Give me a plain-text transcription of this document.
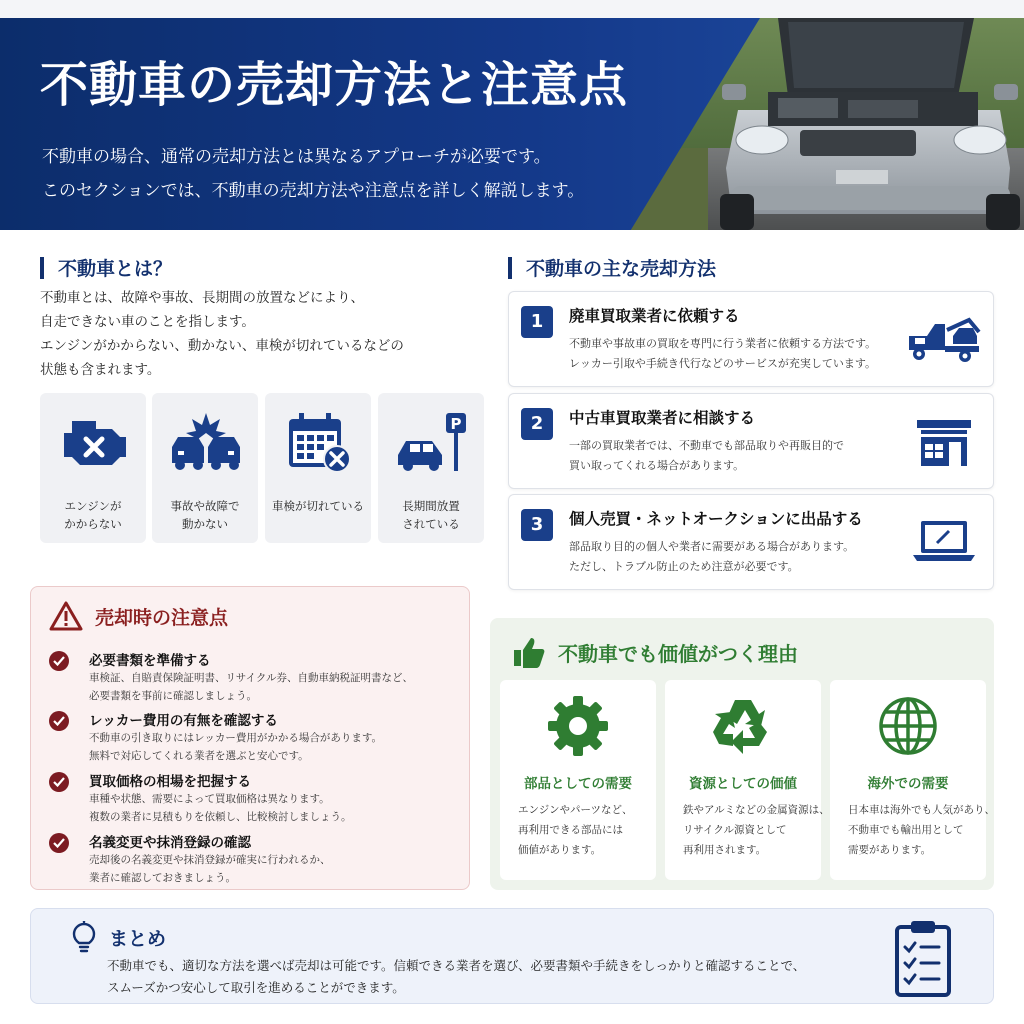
不動車の売却方法と注意点
不動車の場合、通常の売却方法とは異なるアプローチが必要です。
このセクションでは、不動車の売却方法や注意点を詳しく解説します。
不動車とは？
不動車とは、故障や事故、長期間の放置などにより、
自走できない車のことを指します。
エンジンがかからない、動かない、車検が切れているなどの
状態も含まれます。
エンジンが
かからない
事故や故障で
動かない
車検が切れている
P
長期間放置
されている
不動車の主な売却方法
1	廃車買取業者に依頼する
不動車や事故車の買取を専門に行う業者に依頼する方法です。
レッカー引取や手続き代行などのサービスが充実しています。
2	中古車買取業者に相談する
一部の買取業者では、不動車でも部品取りや再販目的で
買い取ってくれる場合があります。
3	個人売買・ネットオークションに出品する
部品取り目的の個人や業者に需要がある場合があります。
ただし、トラブル防止のため注意が必要です。
売却時の注意点
必要書類を準備する
車検証、自賠責保険証明書、リサイクル券、自動車納税証明書など、
必要書類を事前に確認しましょう。
レッカー費用の有無を確認する
不動車の引き取りにはレッカー費用がかかる場合があります。
無料で対応してくれる業者を選ぶと安心です。
買取価格の相場を把握する
車種や状態、需要によって買取価格は異なります。
複数の業者に見積もりを依頼し、比較検討しましょう。
名義変更や抹消登録の確認
売却後の名義変更や抹消登録が確実に行われるか、
業者に確認しておきましょう。
不動車でも価値がつく理由
部品としての需要
エンジンやパーツなど、
再利用できる部品には
価値があります。
資源としての価値
鉄やアルミなどの金属資源は、
リサイクル源資として
再利用されます。
海外での需要
日本車は海外でも人気があり、
不動車でも輸出用として
需要があります。
まとめ
不動車でも、適切な方法を選べば売却は可能です。信頼できる業者を選び、必要書類や手続きをしっかりと確認することで、
スムーズかつ安心して取引を進めることができます。
